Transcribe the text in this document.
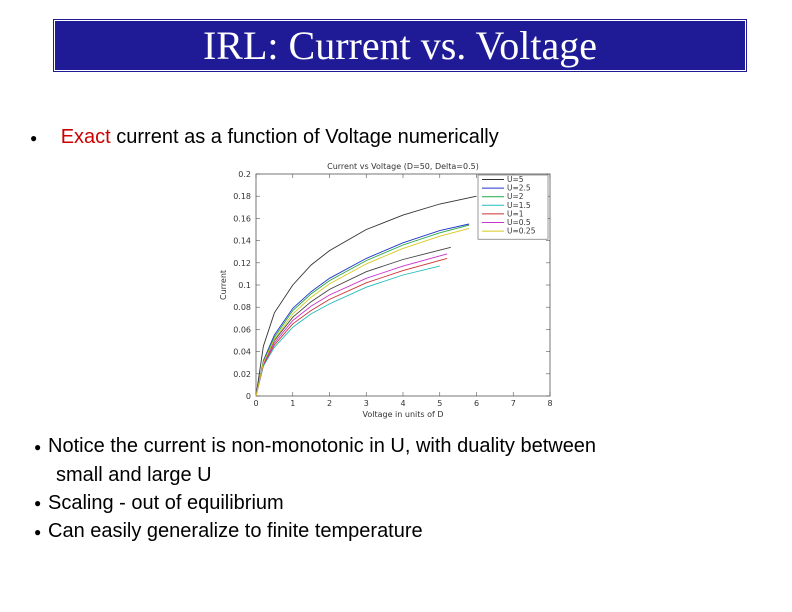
IRL: Current vs. Voltage
● Exact current as a function of Voltage numerically
Current vs Voltage (D=50, Delta=0.5)
0
0.02
0.04
0.06
0.08
0.1
0.12
0.14
0.16
0.18
0.2
0	1	2	3	4	5	6	7	8
Voltage in units of D
Current
U=5
U=2.5
U=2
U=1.5
U=1
U=0.5
U=0.25
● Notice the current is non-monotonic in U, with duality between
small and large U
● Scaling - out of equilibrium
● Can easily generalize to finite temperature
